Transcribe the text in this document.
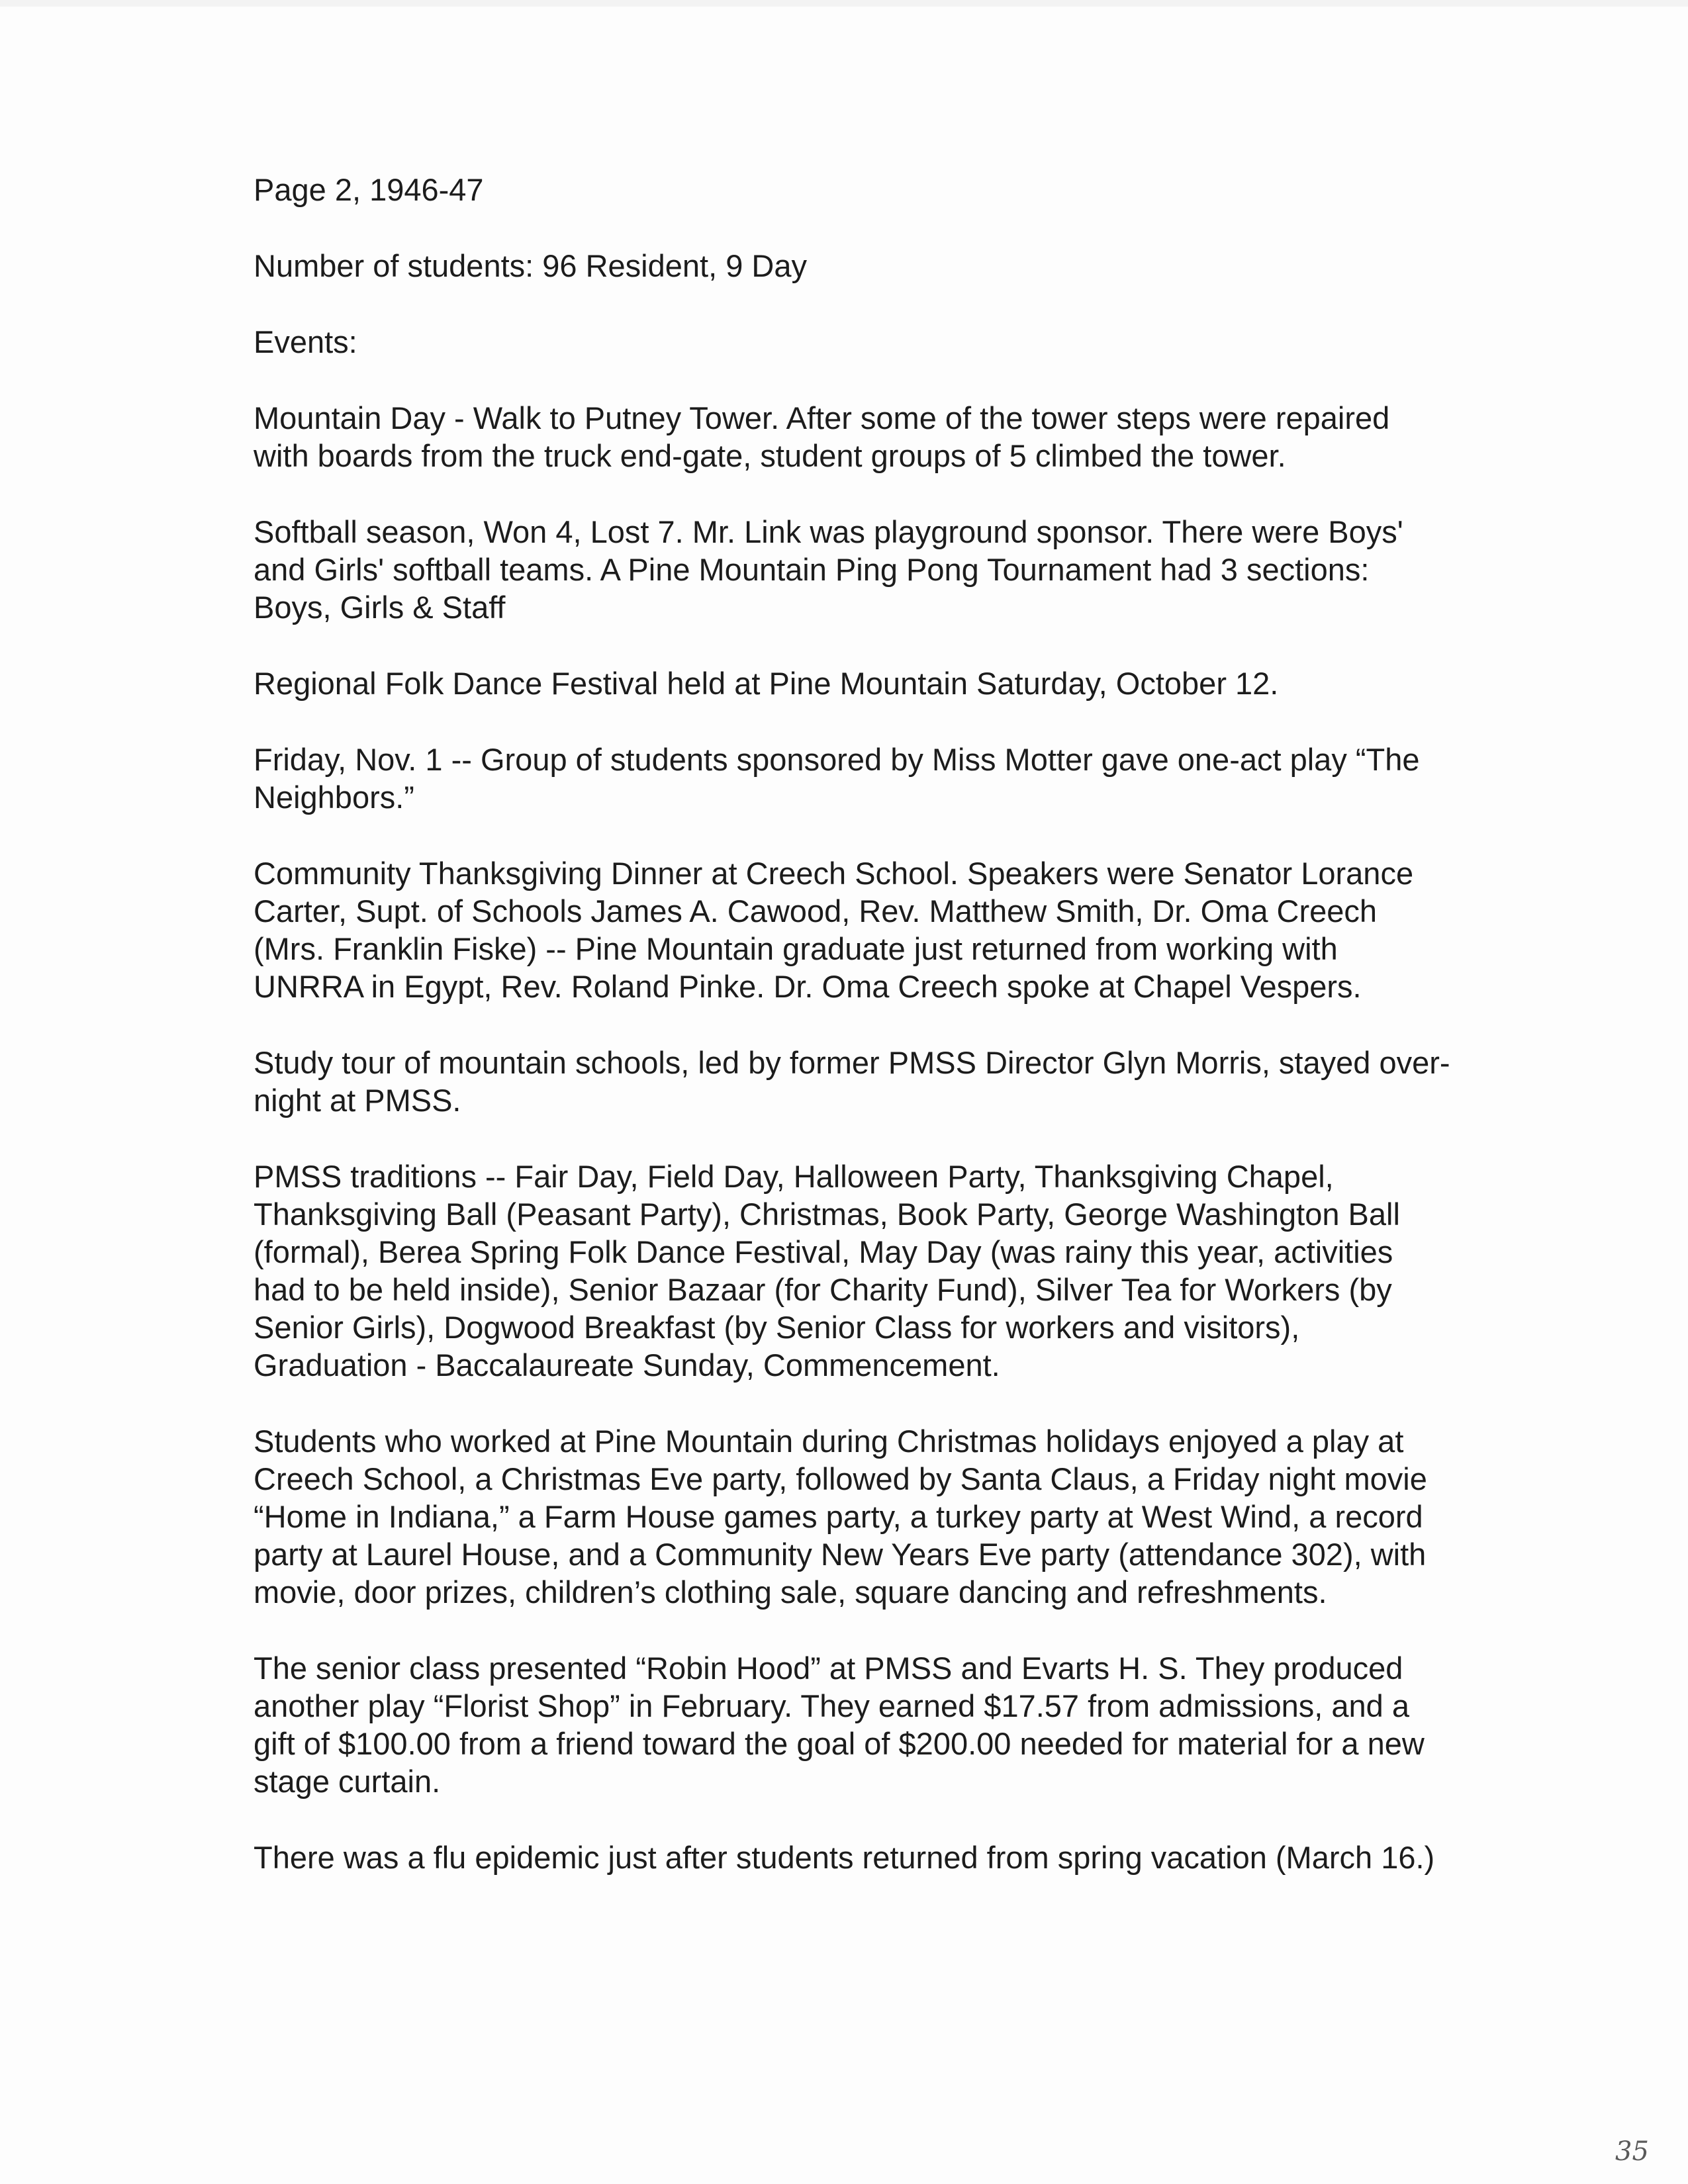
Page 2, 1946-47

Number of students: 96 Resident, 9 Day

Events:

Mountain Day - Walk to Putney Tower. After some of the tower steps were repaired
with boards from the truck end-gate, student groups of 5 climbed the tower.

Softball season, Won 4, Lost 7. Mr. Link was playground sponsor. There were Boys'
and Girls' softball teams. A Pine Mountain Ping Pong Tournament had 3 sections:
Boys, Girls & Staff

Regional Folk Dance Festival held at Pine Mountain Saturday, October 12.

Friday, Nov. 1 -- Group of students sponsored by Miss Motter gave one-act play “The
Neighbors.”

Community Thanksgiving Dinner at Creech School. Speakers were Senator Lorance
Carter, Supt. of Schools James A. Cawood, Rev. Matthew Smith, Dr. Oma Creech
(Mrs. Franklin Fiske) -- Pine Mountain graduate just returned from working with
UNRRA in Egypt, Rev. Roland Pinke. Dr. Oma Creech spoke at Chapel Vespers.

Study tour of mountain schools, led by former PMSS Director Glyn Morris, stayed over-
night at PMSS.

PMSS traditions -- Fair Day, Field Day, Halloween Party, Thanksgiving Chapel,
Thanksgiving Ball (Peasant Party), Christmas, Book Party, George Washington Ball
(formal), Berea Spring Folk Dance Festival, May Day (was rainy this year, activities
had to be held inside), Senior Bazaar (for Charity Fund), Silver Tea for Workers (by
Senior Girls), Dogwood Breakfast (by Senior Class for workers and visitors),
Graduation - Baccalaureate Sunday, Commencement.

Students who worked at Pine Mountain during Christmas holidays enjoyed a play at
Creech School, a Christmas Eve party, followed by Santa Claus, a Friday night movie
“Home in Indiana,” a Farm House games party, a turkey party at West Wind, a record
party at Laurel House, and a Community New Years Eve party (attendance 302), with
movie, door prizes, children’s clothing sale, square dancing and refreshments.

The senior class presented “Robin Hood” at PMSS and Evarts H. S. They produced
another play “Florist Shop” in February. They earned $17.57 from admissions, and a
gift of $100.00 from a friend toward the goal of $200.00 needed for material for a new
stage curtain.

There was a flu epidemic just after students returned from spring vacation (March 16.)

35
